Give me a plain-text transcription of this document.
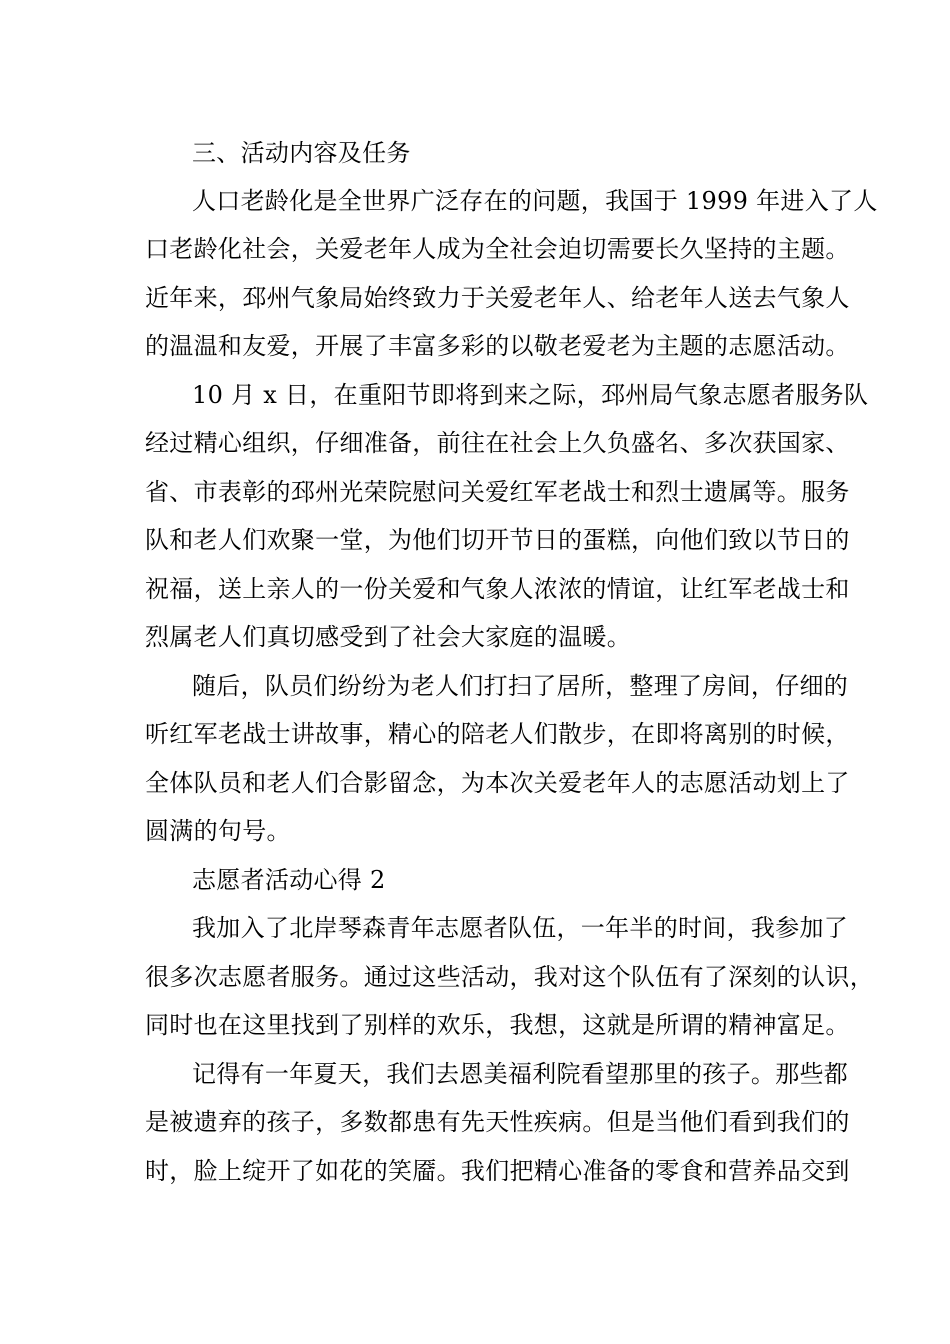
三、活动内容及任务
人口老龄化是全世界广泛存在的问题，我国于 1999 年进入了人
口老龄化社会，关爱老年人成为全社会迫切需要长久坚持的主题。
近年来，邳州气象局始终致力于关爱老年人、给老年人送去气象人
的温温和友爱，开展了丰富多彩的以敬老爱老为主题的志愿活动。
10 月 x 日，在重阳节即将到来之际，邳州局气象志愿者服务队
经过精心组织，仔细准备，前往在社会上久负盛名、多次获国家、
省、市表彰的邳州光荣院慰问关爱红军老战士和烈士遗属等。服务
队和老人们欢聚一堂，为他们切开节日的蛋糕，向他们致以节日的
祝福，送上亲人的一份关爱和气象人浓浓的情谊，让红军老战士和
烈属老人们真切感受到了社会大家庭的温暖。
随后，队员们纷纷为老人们打扫了居所，整理了房间，仔细的
听红军老战士讲故事，精心的陪老人们散步，在即将离别的时候，
全体队员和老人们合影留念，为本次关爱老年人的志愿活动划上了
圆满的句号。
志愿者活动心得 2
我加入了北岸琴森青年志愿者队伍，一年半的时间，我参加了
很多次志愿者服务。通过这些活动，我对这个队伍有了深刻的认识，
同时也在这里找到了别样的欢乐，我想，这就是所谓的精神富足。
记得有一年夏天，我们去恩美福利院看望那里的孩子。那些都
是被遗弃的孩子，多数都患有先天性疾病。但是当他们看到我们的
时，脸上绽开了如花的笑靥。我们把精心准备的零食和营养品交到
